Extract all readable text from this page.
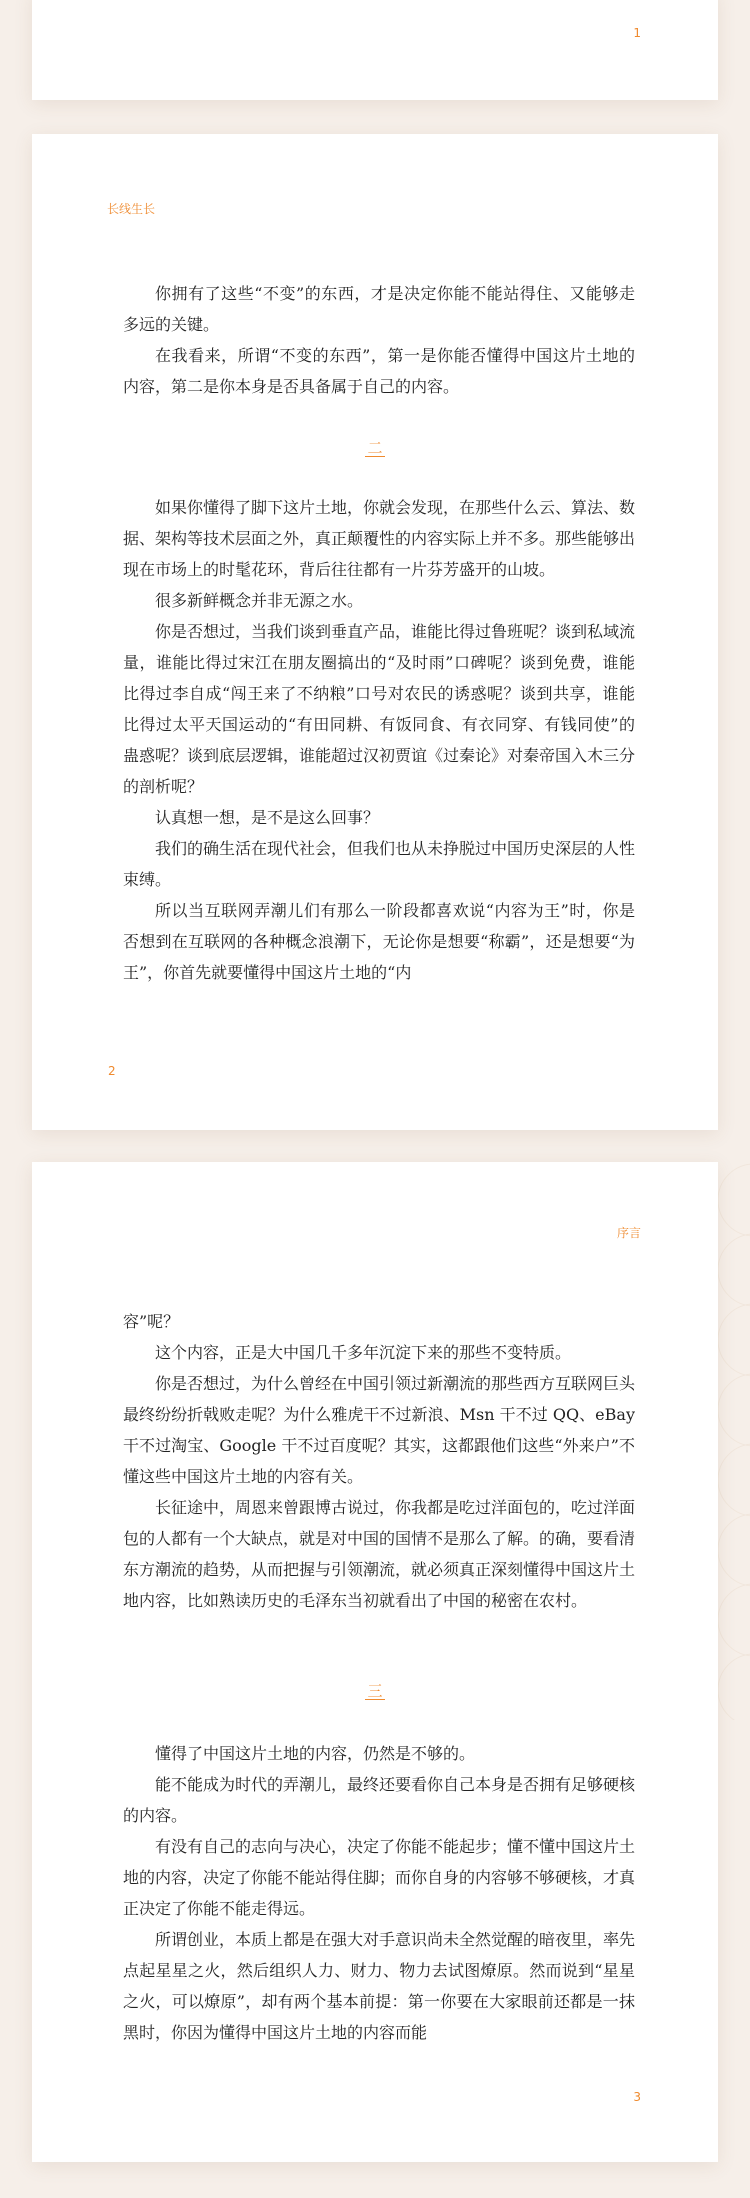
1
长线生长

你拥有了这些“不变”的东西，才是决定你能不能站得住、又能够走多远的关键。

在我看来，所谓“不变的东西”，第一是你能否懂得中国这片土地的内容，第二是你本身是否具备属于自己的内容。

二

如果你懂得了脚下这片土地，你就会发现，在那些什么云、算法、数据、架构等技术层面之外，真正颠覆性的内容实际上并不多。那些能够出现在市场上的时髦花环，背后往往都有一片芬芳盛开的山坡。

很多新鲜概念并非无源之水。

你是否想过，当我们谈到垂直产品，谁能比得过鲁班呢？谈到私域流量，谁能比得过宋江在朋友圈搞出的“及时雨”口碑呢？谈到免费，谁能比得过李自成“闯王来了不纳粮”口号对农民的诱惑呢？谈到共享，谁能比得过太平天国运动的“有田同耕、有饭同食、有衣同穿、有钱同使”的蛊惑呢？谈到底层逻辑，谁能超过汉初贾谊《过秦论》对秦帝国入木三分的剖析呢？

认真想一想，是不是这么回事？

我们的确生活在现代社会，但我们也从未挣脱过中国历史深层的人性束缚。

所以当互联网弄潮儿们有那么一阶段都喜欢说“内容为王”时，你是否想到在互联网的各种概念浪潮下，无论你是想要“称霸”，还是想要“为王”，你首先就要懂得中国这片土地的“内

2
序言

容”呢？

这个内容，正是大中国几千多年沉淀下来的那些不变特质。

你是否想过，为什么曾经在中国引领过新潮流的那些西方互联网巨头最终纷纷折戟败走呢？为什么雅虎干不过新浪、Msn 干不过 QQ、eBay 干不过淘宝、Google 干不过百度呢？其实，这都跟他们这些“外来户”不懂这些中国这片土地的内容有关。

长征途中，周恩来曾跟博古说过，你我都是吃过洋面包的，吃过洋面包的人都有一个大缺点，就是对中国的国情不是那么了解。的确，要看清东方潮流的趋势，从而把握与引领潮流，就必须真正深刻懂得中国这片土地内容，比如熟读历史的毛泽东当初就看出了中国的秘密在农村。

三

懂得了中国这片土地的内容，仍然是不够的。

能不能成为时代的弄潮儿，最终还要看你自己本身是否拥有足够硬核的内容。

有没有自己的志向与决心，决定了你能不能起步；懂不懂中国这片土地的内容，决定了你能不能站得住脚；而你自身的内容够不够硬核，才真正决定了你能不能走得远。

所谓创业，本质上都是在强大对手意识尚未全然觉醒的暗夜里，率先点起星星之火，然后组织人力、财力、物力去试图燎原。然而说到“星星之火，可以燎原”，却有两个基本前提：第一你要在大家眼前还都是一抹黑时，你因为懂得中国这片土地的内容而能

3
